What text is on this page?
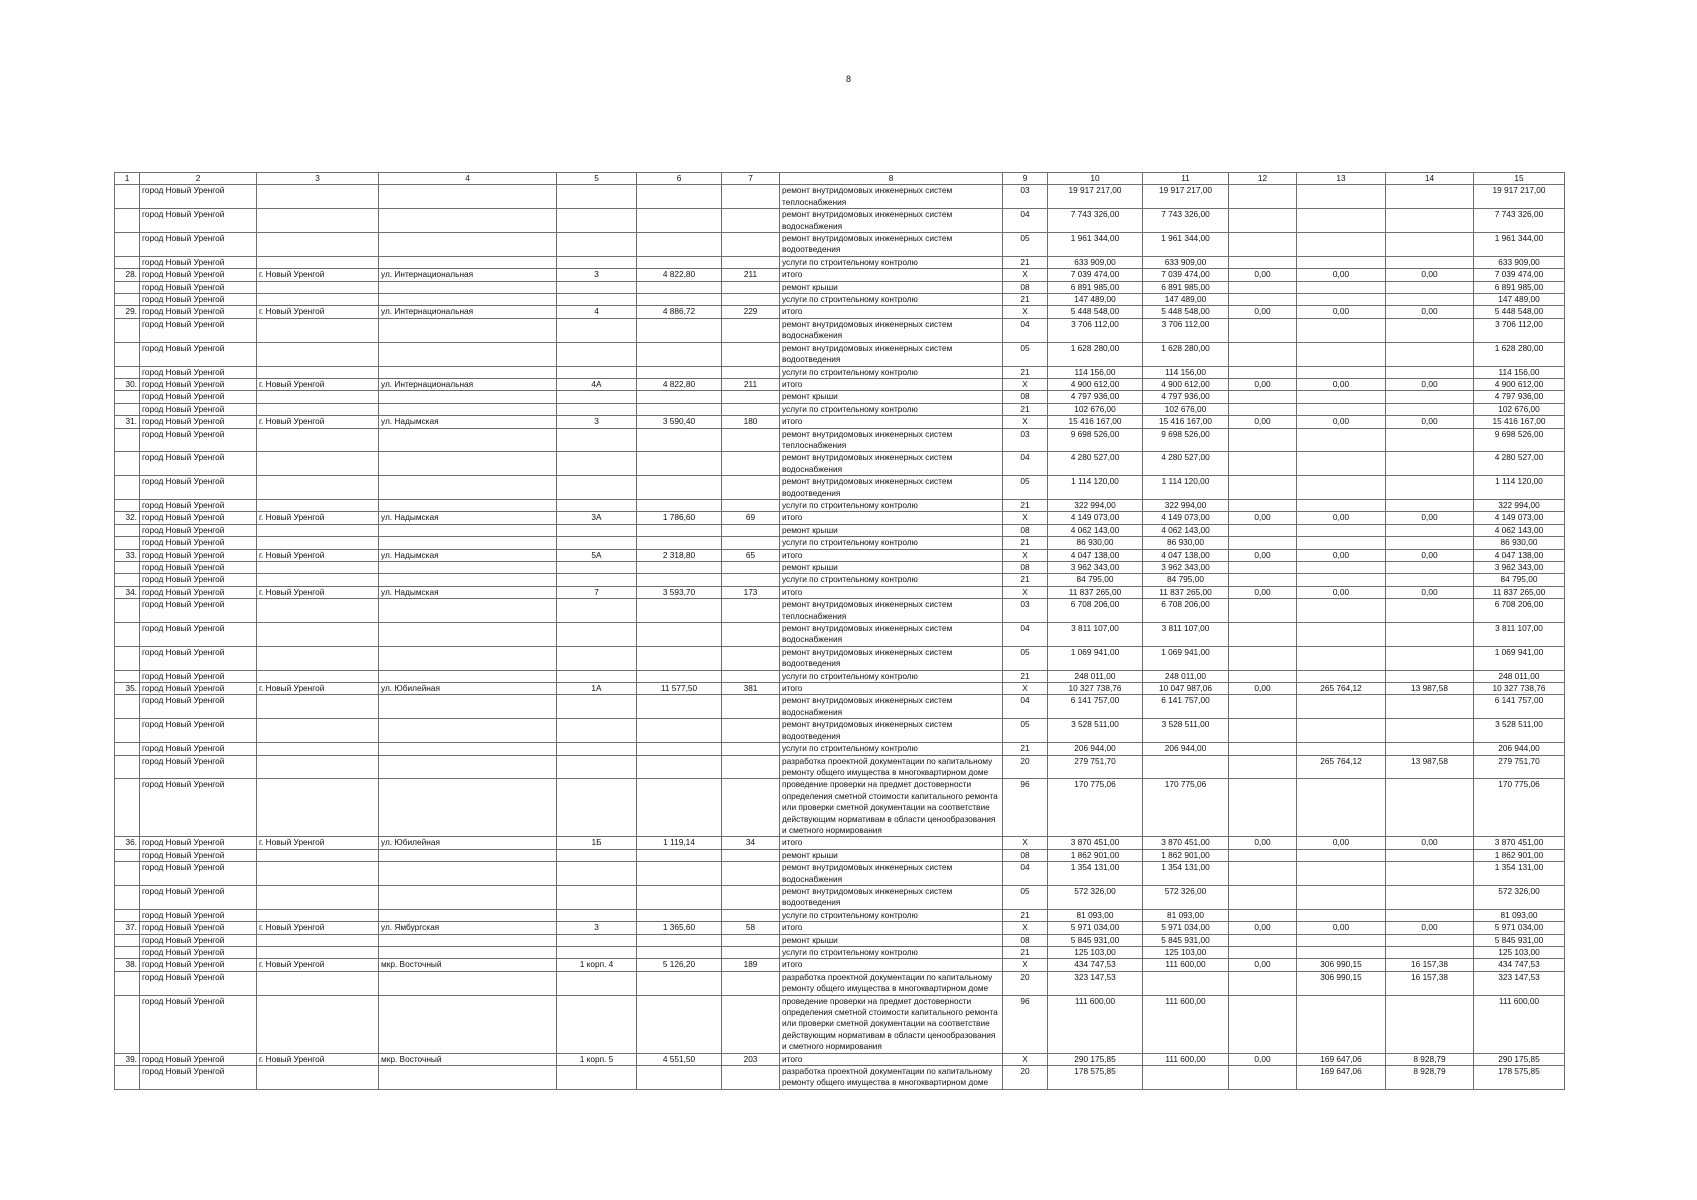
8
1	2	3	4	5	6	7	8	9	10	11	12	13	14	15
	город Новый Уренгой						ремонт внутридомовых инженерных систем теплоснабжения	03	19 917 217,00	19 917 217,00				19 917 217,00
	город Новый Уренгой						ремонт внутридомовых инженерных систем водоснабжения	04	7 743 326,00	7 743 326,00				7 743 326,00
	город Новый Уренгой						ремонт внутридомовых инженерных систем водоотведения	05	1 961 344,00	1 961 344,00				1 961 344,00
	город Новый Уренгой						услуги по строительному контролю	21	633 909,00	633 909,00				633 909,00
28.	город Новый Уренгой	г. Новый Уренгой	ул. Интернациональная	3	4 822,80	211	итого	X	7 039 474,00	7 039 474,00	0,00	0,00	0,00	7 039 474,00
	город Новый Уренгой						ремонт крыши	08	6 891 985,00	6 891 985,00				6 891 985,00
	город Новый Уренгой						услуги по строительному контролю	21	147 489,00	147 489,00				147 489,00
29.	город Новый Уренгой	г. Новый Уренгой	ул. Интернациональная	4	4 886,72	229	итого	X	5 448 548,00	5 448 548,00	0,00	0,00	0,00	5 448 548,00
	город Новый Уренгой						ремонт внутридомовых инженерных систем водоснабжения	04	3 706 112,00	3 706 112,00				3 706 112,00
	город Новый Уренгой						ремонт внутридомовых инженерных систем водоотведения	05	1 628 280,00	1 628 280,00				1 628 280,00
	город Новый Уренгой						услуги по строительному контролю	21	114 156,00	114 156,00				114 156,00
30.	город Новый Уренгой	г. Новый Уренгой	ул. Интернациональная	4А	4 822,80	211	итого	X	4 900 612,00	4 900 612,00	0,00	0,00	0,00	4 900 612,00
	город Новый Уренгой						ремонт крыши	08	4 797 936,00	4 797 936,00				4 797 936,00
	город Новый Уренгой						услуги по строительному контролю	21	102 676,00	102 676,00				102 676,00
31.	город Новый Уренгой	г. Новый Уренгой	ул. Надымская	3	3 590,40	180	итого	X	15 416 167,00	15 416 167,00	0,00	0,00	0,00	15 416 167,00
	город Новый Уренгой						ремонт внутридомовых инженерных систем теплоснабжения	03	9 698 526,00	9 698 526,00				9 698 526,00
	город Новый Уренгой						ремонт внутридомовых инженерных систем водоснабжения	04	4 280 527,00	4 280 527,00				4 280 527,00
	город Новый Уренгой						ремонт внутридомовых инженерных систем водоотведения	05	1 114 120,00	1 114 120,00				1 114 120,00
	город Новый Уренгой						услуги по строительному контролю	21	322 994,00	322 994,00				322 994,00
32.	город Новый Уренгой	г. Новый Уренгой	ул. Надымская	3А	1 786,60	69	итого	X	4 149 073,00	4 149 073,00	0,00	0,00	0,00	4 149 073,00
	город Новый Уренгой						ремонт крыши	08	4 062 143,00	4 062 143,00				4 062 143,00
	город Новый Уренгой						услуги по строительному контролю	21	86 930,00	86 930,00				86 930,00
33.	город Новый Уренгой	г. Новый Уренгой	ул. Надымская	5А	2 318,80	65	итого	X	4 047 138,00	4 047 138,00	0,00	0,00	0,00	4 047 138,00
	город Новый Уренгой						ремонт крыши	08	3 962 343,00	3 962 343,00				3 962 343,00
	город Новый Уренгой						услуги по строительному контролю	21	84 795,00	84 795,00				84 795,00
34.	город Новый Уренгой	г. Новый Уренгой	ул. Надымская	7	3 593,70	173	итого	X	11 837 265,00	11 837 265,00	0,00	0,00	0,00	11 837 265,00
	город Новый Уренгой						ремонт внутридомовых инженерных систем теплоснабжения	03	6 708 206,00	6 708 206,00				6 708 206,00
	город Новый Уренгой						ремонт внутридомовых инженерных систем водоснабжения	04	3 811 107,00	3 811 107,00				3 811 107,00
	город Новый Уренгой						ремонт внутридомовых инженерных систем водоотведения	05	1 069 941,00	1 069 941,00				1 069 941,00
	город Новый Уренгой						услуги по строительному контролю	21	248 011,00	248 011,00				248 011,00
35.	город Новый Уренгой	г. Новый Уренгой	ул. Юбилейная	1А	11 577,50	381	итого	X	10 327 738,76	10 047 987,06	0,00	265 764,12	13 987,58	10 327 738,76
	город Новый Уренгой						ремонт внутридомовых инженерных систем водоснабжения	04	6 141 757,00	6 141 757,00				6 141 757,00
	город Новый Уренгой						ремонт внутридомовых инженерных систем водоотведения	05	3 528 511,00	3 528 511,00				3 528 511,00
	город Новый Уренгой						услуги по строительному контролю	21	206 944,00	206 944,00				206 944,00
	город Новый Уренгой						разработка проектной документации по капитальному ремонту общего имущества в многоквартирном доме	20	279 751,70			265 764,12	13 987,58	279 751,70
	город Новый Уренгой						проведение проверки на предмет достоверности определения сметной стоимости капитального ремонта или проверки сметной документации на соответствие действующим нормативам в области ценообразования и сметного нормирования	96	170 775,06	170 775,06				170 775,06
36.	город Новый Уренгой	г. Новый Уренгой	ул. Юбилейная	1Б	1 119,14	34	итого	X	3 870 451,00	3 870 451,00	0,00	0,00	0,00	3 870 451,00
	город Новый Уренгой						ремонт крыши	08	1 862 901,00	1 862 901,00				1 862 901,00
	город Новый Уренгой						ремонт внутридомовых инженерных систем водоснабжения	04	1 354 131,00	1 354 131,00				1 354 131,00
	город Новый Уренгой						ремонт внутридомовых инженерных систем водоотведения	05	572 326,00	572 326,00				572 326,00
	город Новый Уренгой						услуги по строительному контролю	21	81 093,00	81 093,00				81 093,00
37.	город Новый Уренгой	г. Новый Уренгой	ул. Ямбургская	3	1 365,60	58	итого	X	5 971 034,00	5 971 034,00	0,00	0,00	0,00	5 971 034,00
	город Новый Уренгой						ремонт крыши	08	5 845 931,00	5 845 931,00				5 845 931,00
	город Новый Уренгой						услуги по строительному контролю	21	125 103,00	125 103,00				125 103,00
38.	город Новый Уренгой	г. Новый Уренгой	мкр. Восточный	1 корп. 4	5 126,20	189	итого	X	434 747,53	111 600,00	0,00	306 990,15	16 157,38	434 747,53
	город Новый Уренгой						разработка проектной документации по капитальному ремонту общего имущества в многоквартирном доме	20	323 147,53			306 990,15	16 157,38	323 147,53
	город Новый Уренгой						проведение проверки на предмет достоверности определения сметной стоимости капитального ремонта или проверки сметной документации на соответствие действующим нормативам в области ценообразования и сметного нормирования	96	111 600,00	111 600,00				111 600,00
39.	город Новый Уренгой	г. Новый Уренгой	мкр. Восточный	1 корп. 5	4 551,50	203	итого	X	290 175,85	111 600,00	0,00	169 647,06	8 928,79	290 175,85
	город Новый Уренгой						разработка проектной документации по капитальному ремонту общего имущества в многоквартирном доме	20	178 575,85			169 647,06	8 928,79	178 575,85
